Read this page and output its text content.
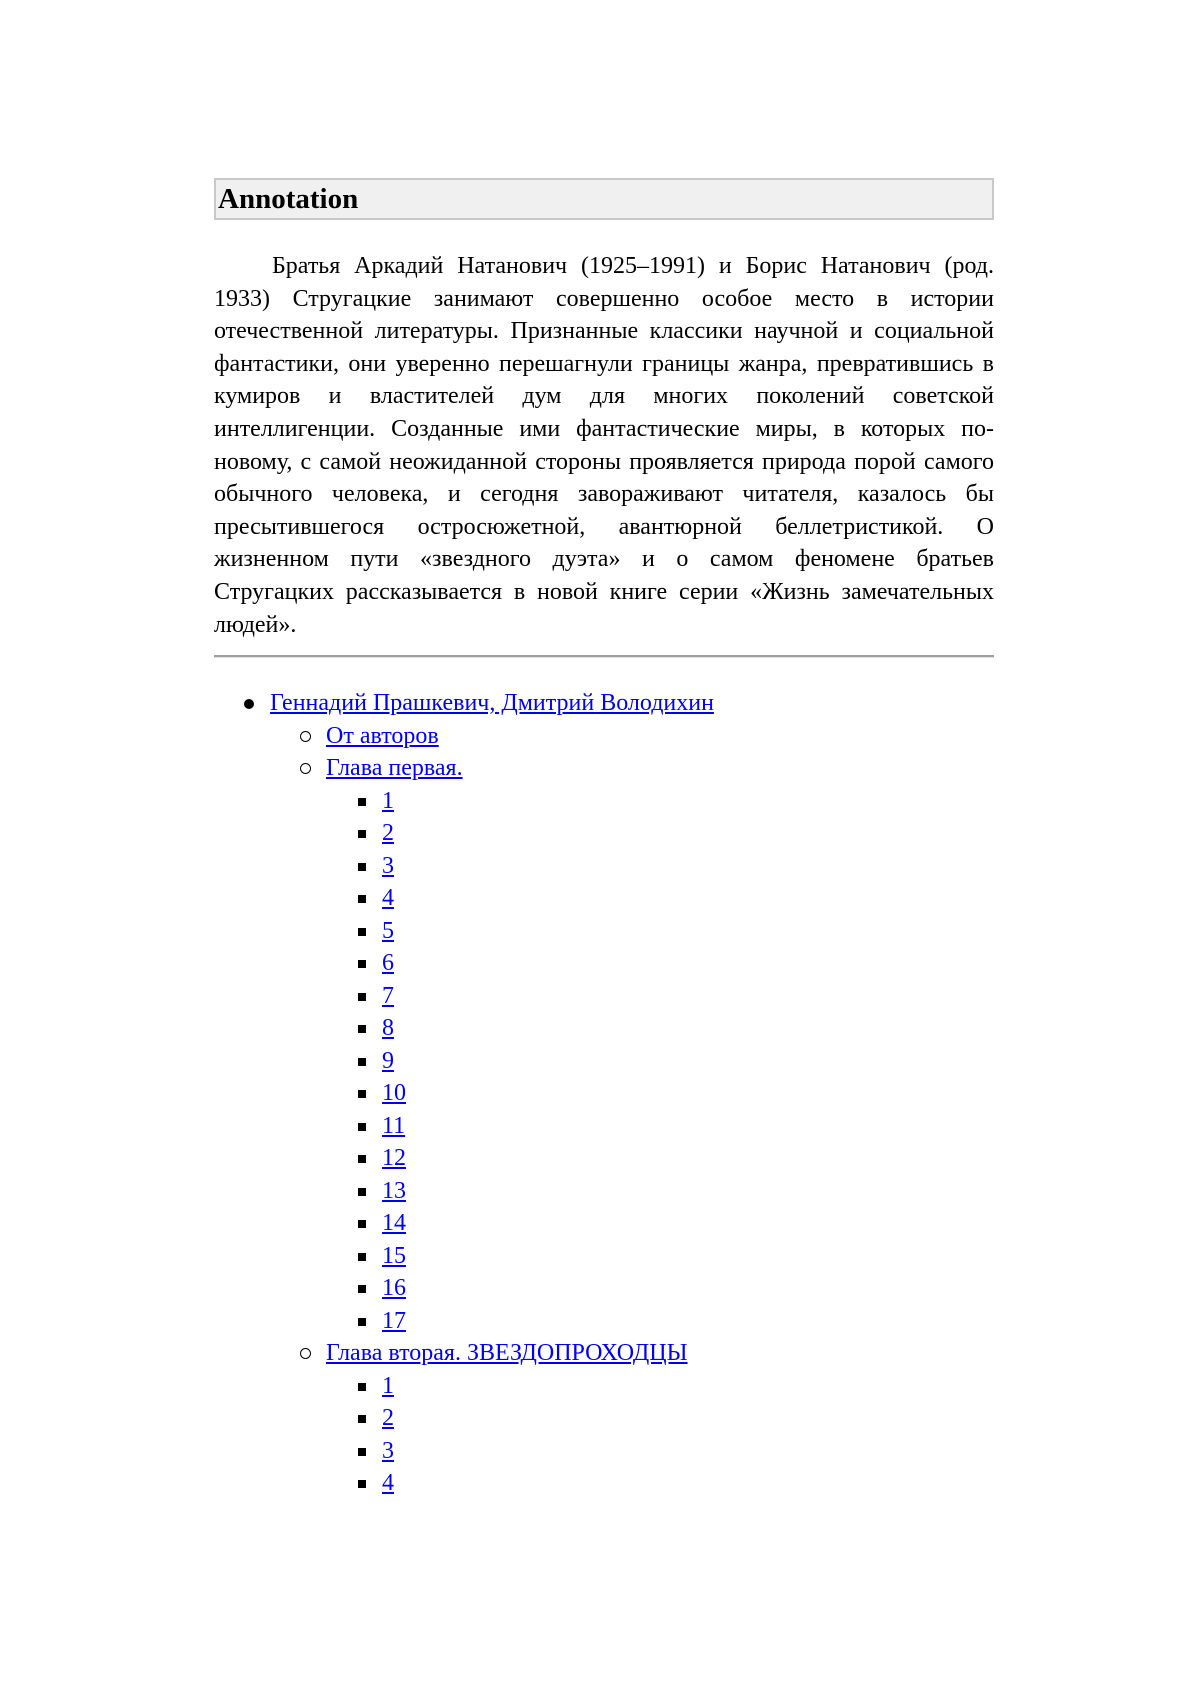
Annotation

Братья Аркадий Натанович (1925–1991) и Борис Натанович (род. 1933) Стругацкие занимают совершенно особое место в истории отечественной литературы. Признанные классики научной и социальной фантастики, они уверенно перешагнули границы жанра, превратившись в кумиров и властителей дум для многих поколений советской интеллигенции. Созданные ими фантастические миры, в которых по-новому, с самой неожиданной стороны проявляется природа порой самого обычного человека, и сегодня завораживают читателя, казалось бы пресытившегося остросюжетной, авантюрной беллетристикой. О жизненном пути «звездного дуэта» и о самом феномене братьев Стругацких рассказывается в новой книге серии «Жизнь замечательных людей».

Геннадий Прашкевич, Дмитрий Володихин
От авторов
Глава первая.
1
2
3
4
5
6
7
8
9
10
11
12
13
14
15
16
17
Глава вторая. ЗВЕЗДОПРОХОДЦЫ
1
2
3
4
